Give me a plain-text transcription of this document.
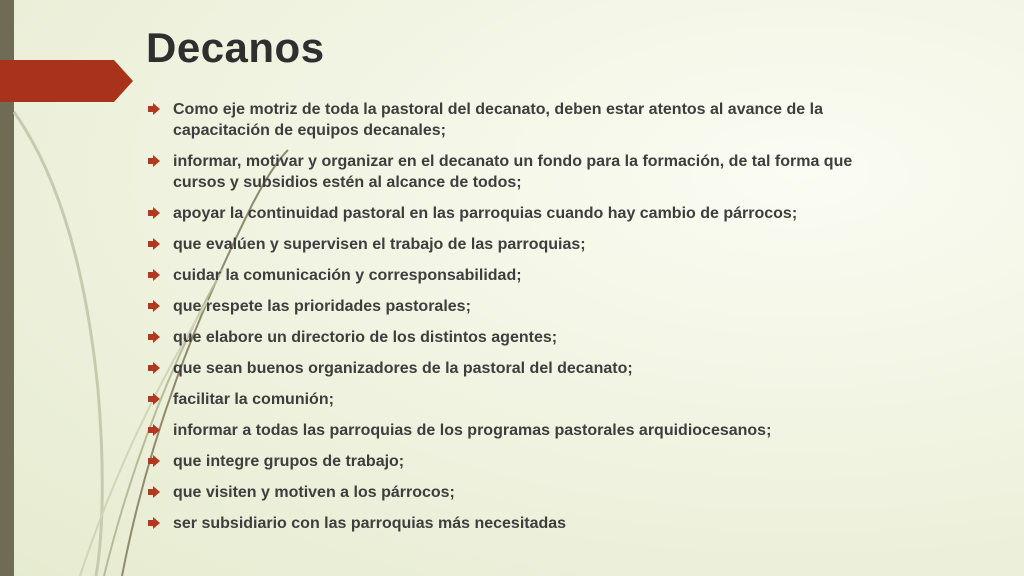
Decanos
Como eje motriz de toda la pastoral del decanato, deben estar atentos al avance de la capacitación de equipos decanales;
informar, motivar y organizar en el decanato un fondo para la formación, de tal forma que cursos y subsidios estén al alcance de todos;
apoyar la continuidad pastoral en las parroquias cuando hay cambio de párrocos;
que evalúen y supervisen el trabajo de las parroquias;
cuidar la comunicación y corresponsabilidad;
que respete las prioridades pastorales;
que elabore un directorio de los distintos agentes;
que sean buenos organizadores de la pastoral del decanato;
facilitar la comunión;
informar a todas las parroquias de los programas pastorales arquidiocesanos;
que integre grupos de trabajo;
que visiten y motiven a los párrocos;
ser subsidiario con las parroquias más necesitadas
